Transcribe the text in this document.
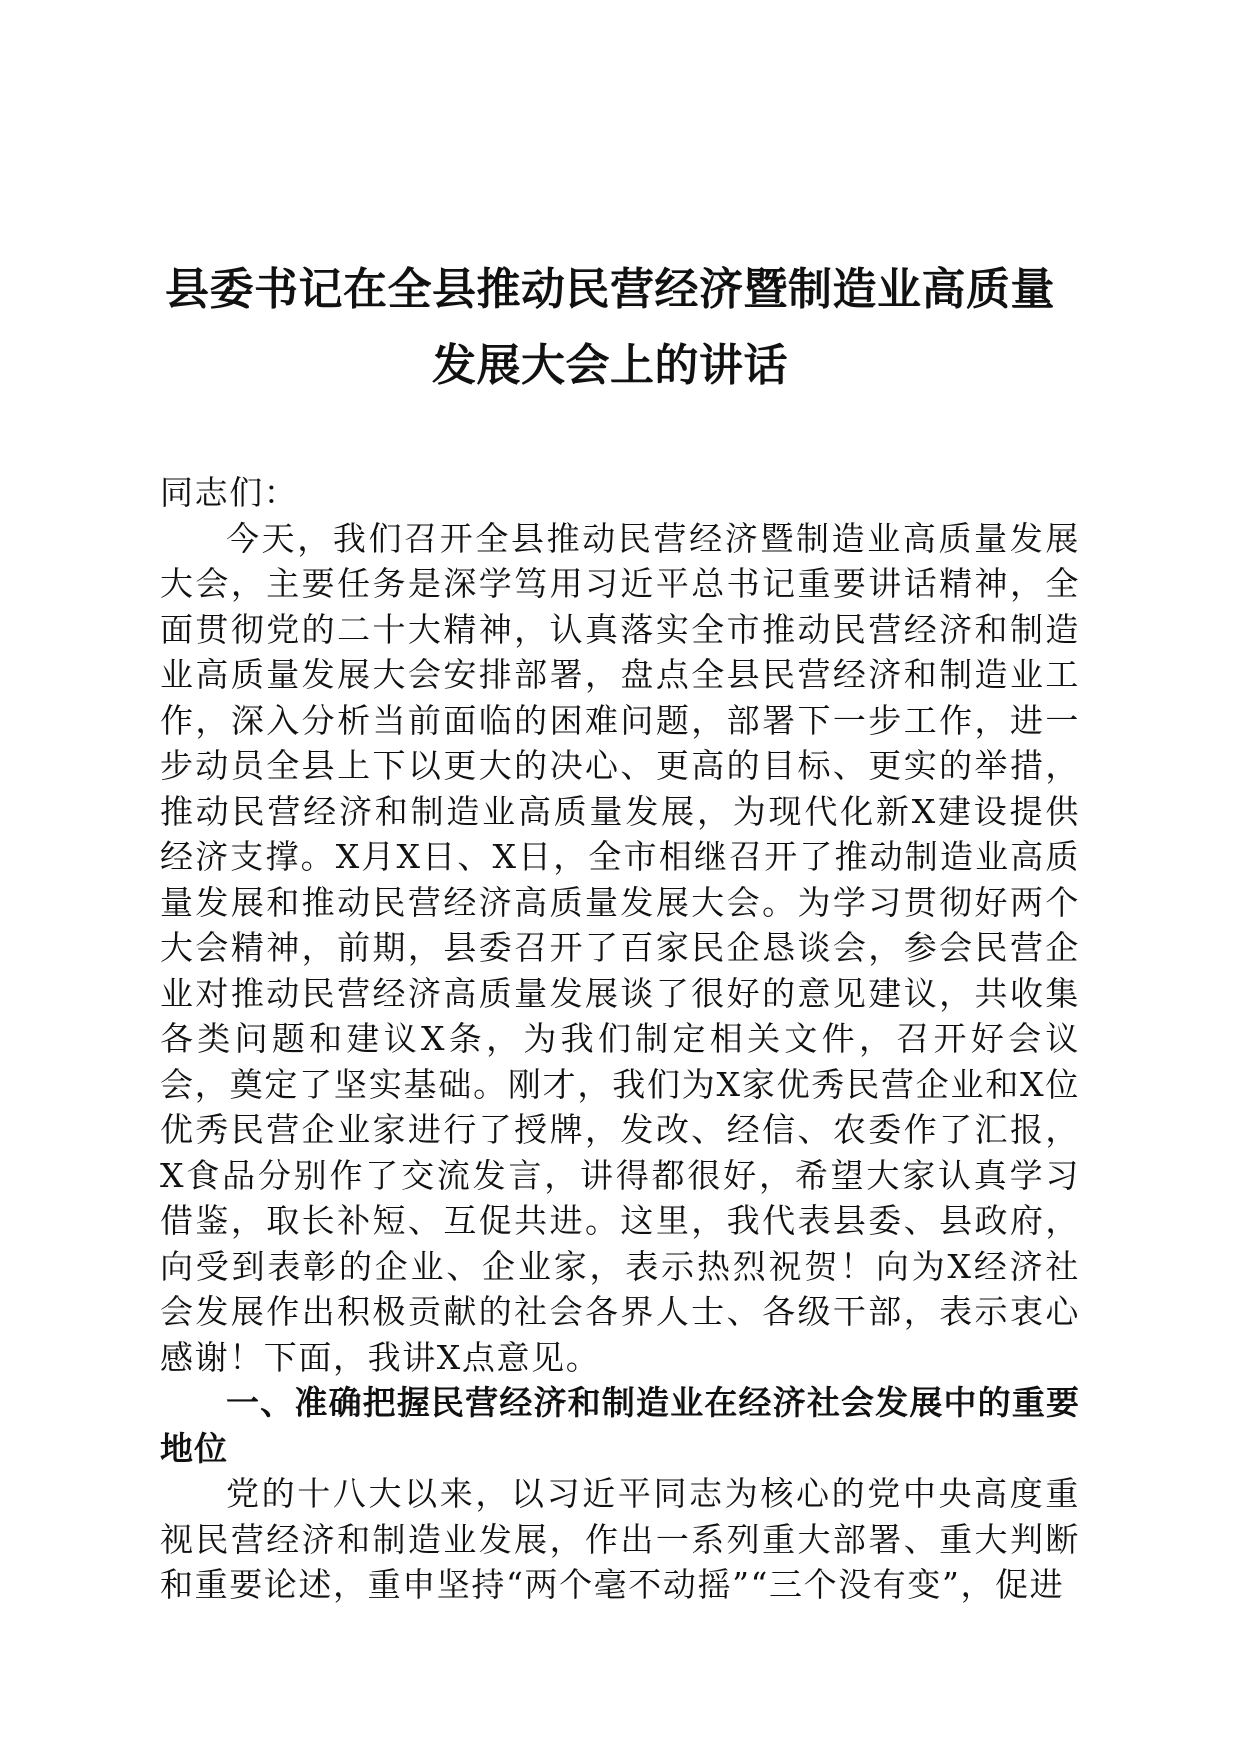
县委书记在全县推动民营经济暨制造业高质量
发展大会上的讲话

同志们：

今天，我们召开全县推动民营经济暨制造业高质量发展大会，主要任务是深学笃用习近平总书记重要讲话精神，全面贯彻党的二十大精神，认真落实全市推动民营经济和制造业高质量发展大会安排部署，盘点全县民营经济和制造业工作，深入分析当前面临的困难问题，部署下一步工作，进一步动员全县上下以更大的决心、更高的目标、更实的举措，推动民营经济和制造业高质量发展，为现代化新X建设提供经济支撑。X月X日、X日，全市相继召开了推动制造业高质量发展和推动民营经济高质量发展大会。为学习贯彻好两个大会精神，前期，县委召开了百家民企恳谈会，参会民营企业对推动民营经济高质量发展谈了很好的意见建议，共收集各类问题和建议X条，为我们制定相关文件，召开好会议会，奠定了坚实基础。刚才，我们为X家优秀民营企业和X位优秀民营企业家进行了授牌，发改、经信、农委作了汇报，X食品分别作了交流发言，讲得都很好，希望大家认真学习借鉴，取长补短、互促共进。这里，我代表县委、县政府，向受到表彰的企业、企业家，表示热烈祝贺！向为X经济社会发展作出积极贡献的社会各界人士、各级干部，表示衷心感谢！下面，我讲X点意见。

一、准确把握民营经济和制造业在经济社会发展中的重要地位

党的十八大以来，以习近平同志为核心的党中央高度重视民营经济和制造业发展，作出一系列重大部署、重大判断和重要论述，重申坚持“两个毫不动摇”“三个没有变”，促进
